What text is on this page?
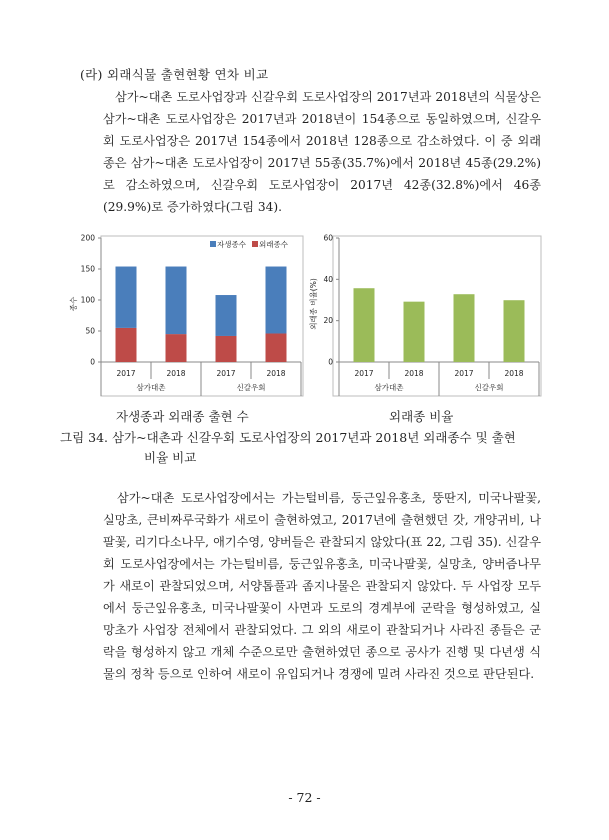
(라) 외래식물 출현현황 연차 비교
삼가~대촌 도로사업장과 신갈우회 도로사업장의 2017년과 2018년의 식물상은 삼가~대촌 도로사업장은 2017년과 2018년이 154종으로 동일하였으며, 신갈우회 도로사업장은 2017년 154종에서 2018년 128종으로 감소하였다. 이 중 외래종은 삼가~대촌 도로사업장이 2017년 55종(35.7%)에서 2018년 45종(29.2%)로 감소하였으며, 신갈우회 도로사업장이 2017년 42종(32.8%)에서 46종(29.9%)로 증가하였다(그림 34).
0
50
100
150
200
2017	2018	2017	2018
삼가대촌	신갈우회
종수
자생종수 외래종수
0
20
40
60
2017	2018	2017	2018
삼가대촌	신갈우회
외래종 비율(%)
자생종과 외래종 출현 수	외래종 비율
그림 34. 삼가~대촌과 신갈우회 도로사업장의 2017년과 2018년 외래종수 및 출현
비율 비교
삼가~대촌 도로사업장에서는 가는털비름, 둥근잎유홍초, 뚱딴지, 미국나팔꽃, 실망초, 큰비짜루국화가 새로이 출현하였고, 2017년에 출현했던 갓, 개양귀비, 나팔꽃, 리기다소나무, 애기수영, 양버들은 관찰되지 않았다(표 22, 그림 35). 신갈우회 도로사업장에서는 가는털비름, 둥근잎유홍초, 미국나팔꽃, 실망초, 양버즘나무가 새로이 관찰되었으며, 서양톱풀과 좀지나물은 관찰되지 않았다. 두 사업장 모두에서 둥근잎유홍초, 미국나팔꽃이 사면과 도로의 경계부에 군락을 형성하였고, 실망초가 사업장 전체에서 관찰되었다. 그 외의 새로이 관찰되거나 사라진 종들은 군락을 형성하지 않고 개체 수준으로만 출현하였던 종으로 공사가 진행 및 다년생 식물의 정착 등으로 인하여 새로이 유입되거나 경쟁에 밀려 사라진 것으로 판단된다.
- 72 -
